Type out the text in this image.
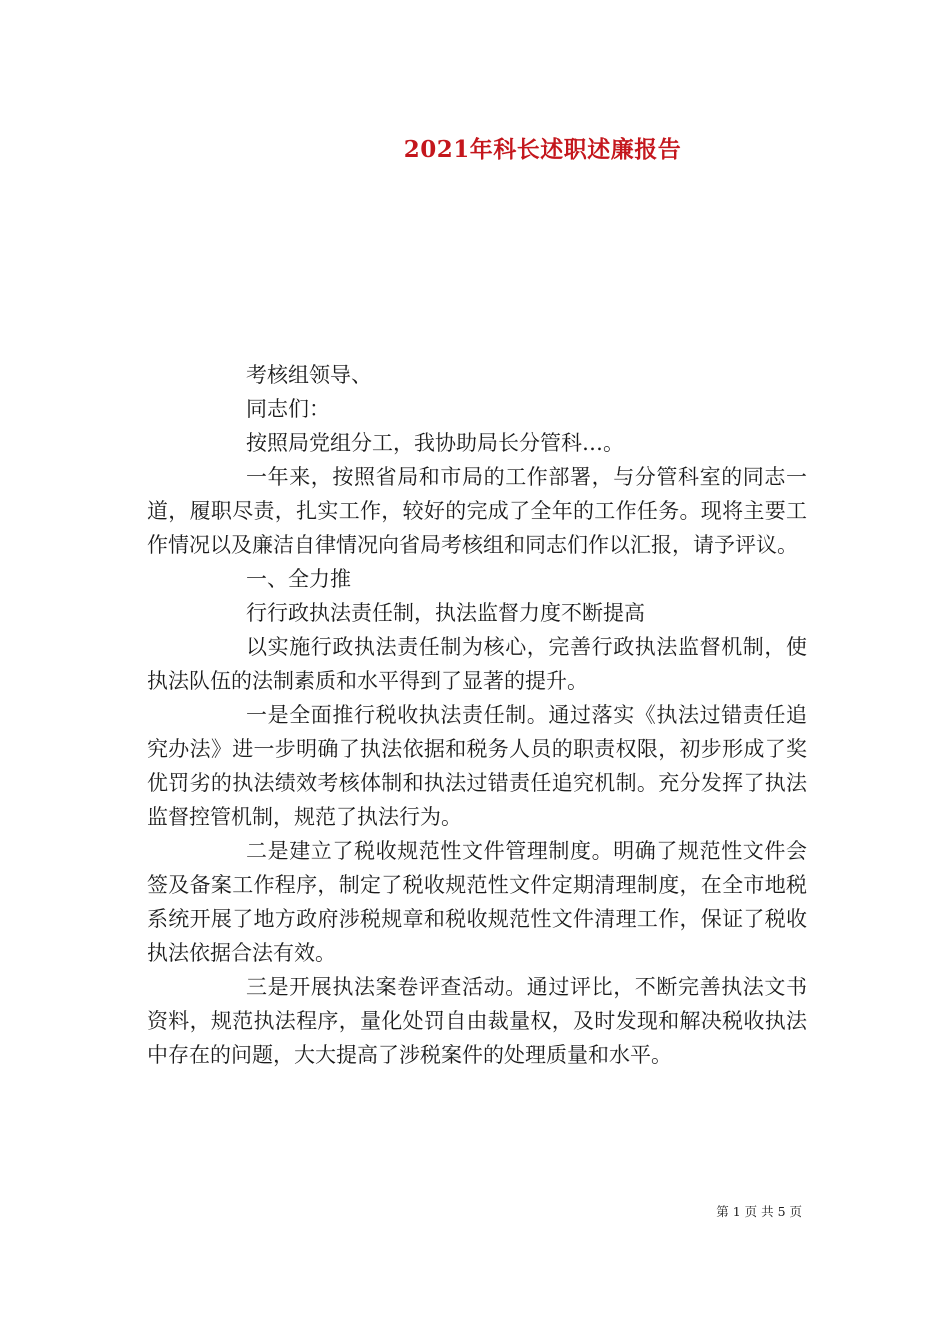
2021年科长述职述廉报告

考核组领导、

同志们：

按照局党组分工，我协助局长分管科…。

一年来，按照省局和市局的工作部署，与分管科室的同志一道，履职尽责，扎实工作，较好的完成了全年的工作任务。现将主要工作情况以及廉洁自律情况向省局考核组和同志们作以汇报，请予评议。

一、全力推

行行政执法责任制，执法监督力度不断提高

以实施行政执法责任制为核心，完善行政执法监督机制，使执法队伍的法制素质和水平得到了显著的提升。

一是全面推行税收执法责任制。通过落实《执法过错责任追究办法》进一步明确了执法依据和税务人员的职责权限，初步形成了奖优罚劣的执法绩效考核体制和执法过错责任追究机制。充分发挥了执法监督控管机制，规范了执法行为。

二是建立了税收规范性文件管理制度。明确了规范性文件会签及备案工作程序，制定了税收规范性文件定期清理制度，在全市地税系统开展了地方政府涉税规章和税收规范性文件清理工作，保证了税收执法依据合法有效。

三是开展执法案卷评查活动。通过评比，不断完善执法文书资料，规范执法程序，量化处罚自由裁量权，及时发现和解决税收执法中存在的问题，大大提高了涉税案件的处理质量和水平。

第 1 页 共 5 页
